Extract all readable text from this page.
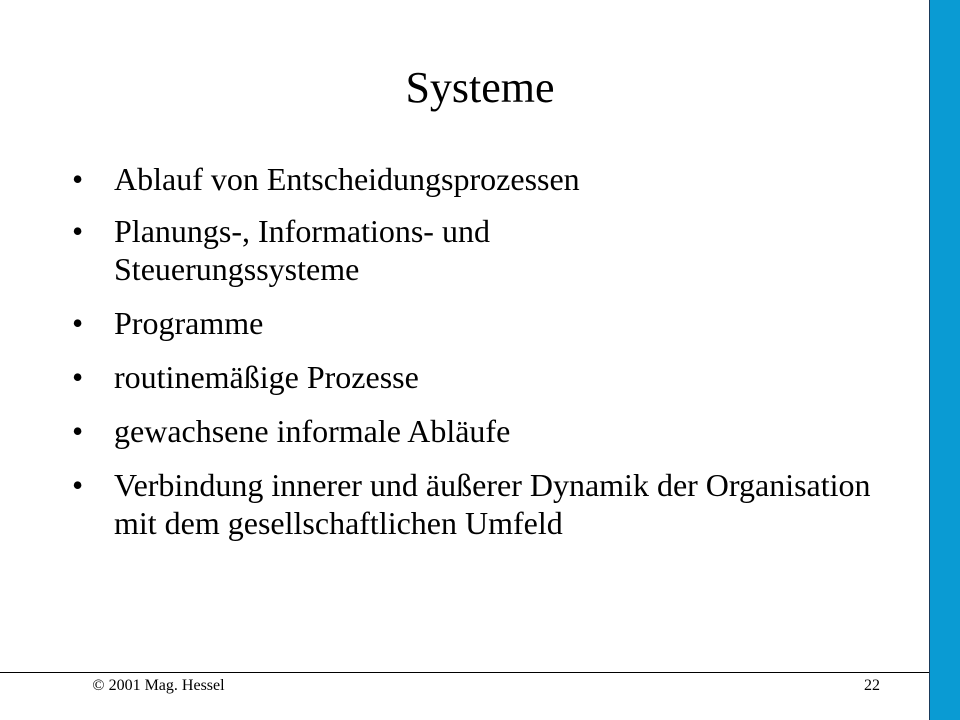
Systeme
• Ablauf von Entscheidungsprozessen
• Planungs-, Informations- und Steuerungssysteme
• Programme
• routinemäßige Prozesse
• gewachsene informale Abläufe
• Verbindung innerer und äußerer Dynamik der Organisation mit dem gesellschaftlichen Umfeld
© 2001 Mag. Hessel	22
